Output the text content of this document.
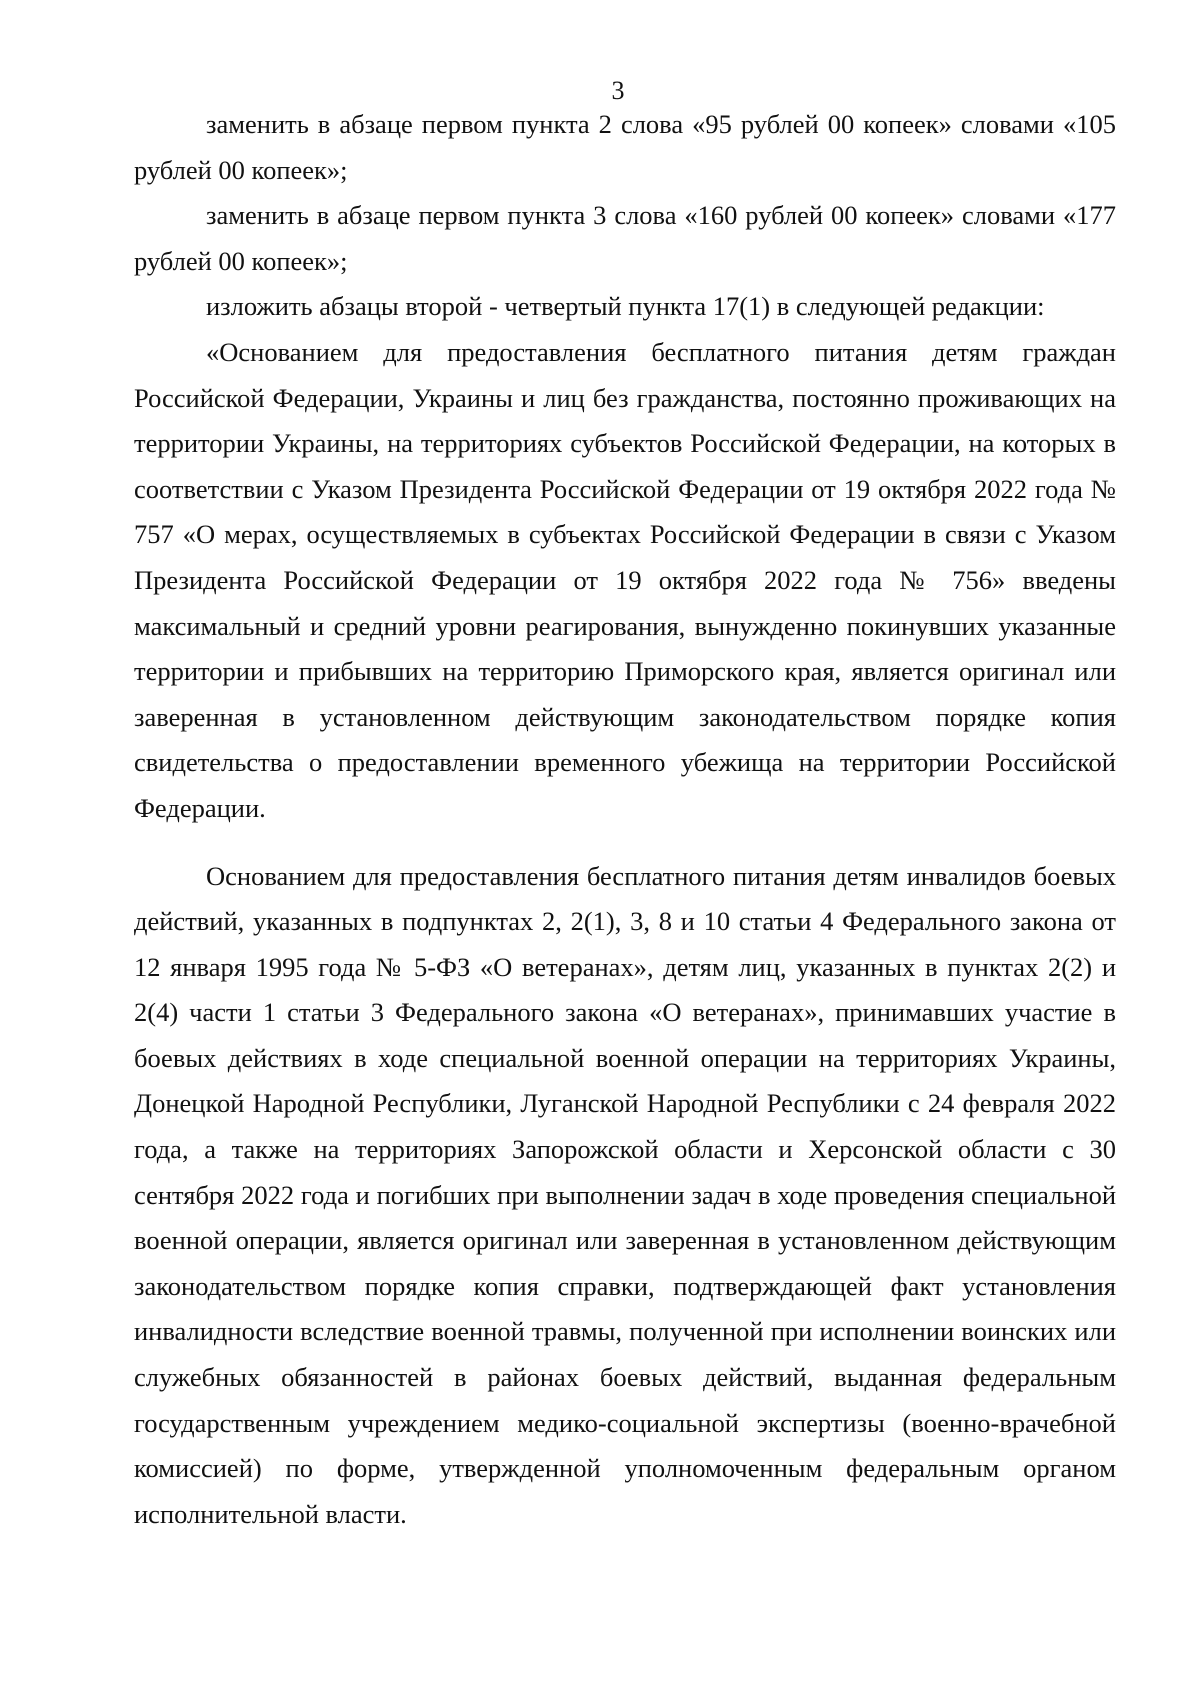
3

заменить в абзаце первом пункта 2 слова «95 рублей 00 копеек» словами «105 рублей 00 копеек»;

заменить в абзаце первом пункта 3 слова «160 рублей 00 копеек» словами «177 рублей 00 копеек»;

изложить абзацы второй - четвертый пункта 17(1) в следующей редакции:

«Основанием для предоставления бесплатного питания детям граждан Российской Федерации, Украины и лиц без гражданства, постоянно проживающих на территории Украины, на территориях субъектов Российской Федерации, на которых в соответствии с Указом Президента Российской Федерации от 19 октября 2022 года № 757 «О мерах, осуществляемых в субъектах Российской Федерации в связи с Указом Президента Российской Федерации от 19 октября 2022 года № 756» введены максимальный и средний уровни реагирования, вынужденно покинувших указанные территории и прибывших на территорию Приморского края, является оригинал или заверенная в установленном действующим законодательством порядке копия свидетельства о предоставлении временного убежища на территории Российской Федерации.

Основанием для предоставления бесплатного питания детям инвалидов боевых действий, указанных в подпунктах 2, 2(1), 3, 8 и 10 статьи 4 Федерального закона от 12 января 1995 года № 5-ФЗ «О ветеранах», детям лиц, указанных в пунктах 2(2) и 2(4) части 1 статьи 3 Федерального закона «О ветеранах», принимавших участие в боевых действиях в ходе специальной военной операции на территориях Украины, Донецкой Народной Республики, Луганской Народной Республики с 24 февраля 2022 года, а также на территориях Запорожской области и Херсонской области с 30 сентября 2022 года и погибших при выполнении задач в ходе проведения специальной военной операции, является оригинал или заверенная в установленном действующим законодательством порядке копия справки, подтверждающей факт установления инвалидности вследствие военной травмы, полученной при исполнении воинских или служебных обязанностей в районах боевых действий, выданная федеральным государственным учреждением медико-социальной экспертизы (военно-врачебной комиссией) по форме, утвержденной уполномоченным федеральным органом исполнительной власти.
